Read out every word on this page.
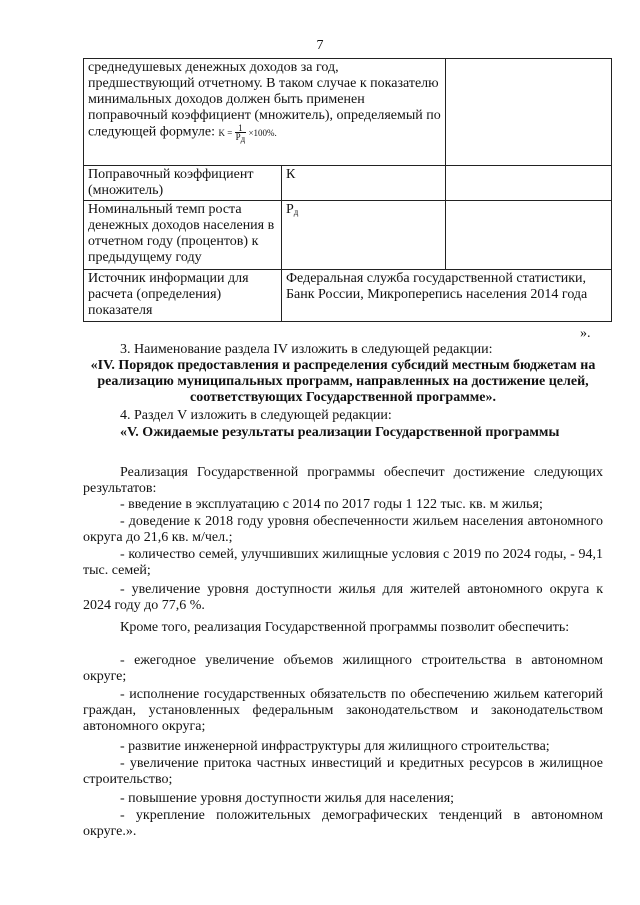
7
среднедушевых денежных доходов за год, предшествующий отчетному. В таком случае к показателю минимальных доходов должен быть применен поправочный коэффициент (множитель), определяемый по следующей формуле: $K = \frac{1}{Pд} \times 100\%$.		
Поправочный коэффициент (множитель)	К	
Номинальный темп роста денежных доходов населения в отчетном году (процентов) к предыдущему году	$Р_д$	
Источник информации для расчета (определения) показателя	Федеральная служба государственной статистики, Банк России, Микроперепись населения 2014 года	
».
3. Наименование раздела IV изложить в следующей редакции:
«IV. Порядок предоставления и распределения субсидий местным бюджетам на реализацию муниципальных программ, направленных на достижение целей, соответствующих Государственной программе».
4. Раздел V изложить в следующей редакции:
«V. Ожидаемые результаты реализации Государственной программы
Реализация Государственной программы обеспечит достижение следующих результатов:
- введение в эксплуатацию с 2014 по 2017 годы 1 122 тыс. кв. м жилья;
- доведение к 2018 году уровня обеспеченности жильем населения автономного округа до 21,6 кв. м/чел.;
- количество семей, улучшивших жилищные условия с 2019 по 2024 годы, - 94,1 тыс. семей;
- увеличение уровня доступности жилья для жителей автономного округа к 2024 году до 77,6 %.
Кроме того, реализация Государственной программы позволит обеспечить:
- ежегодное увеличение объемов жилищного строительства в автономном округе;
- исполнение государственных обязательств по обеспечению жильем категорий граждан, установленных федеральным законодательством и законодательством автономного округа;
- развитие инженерной инфраструктуры для жилищного строительства;
- увеличение притока частных инвестиций и кредитных ресурсов в жилищное строительство;
- повышение уровня доступности жилья для населения;
- укрепление положительных демографических тенденций в автономном округе.».
